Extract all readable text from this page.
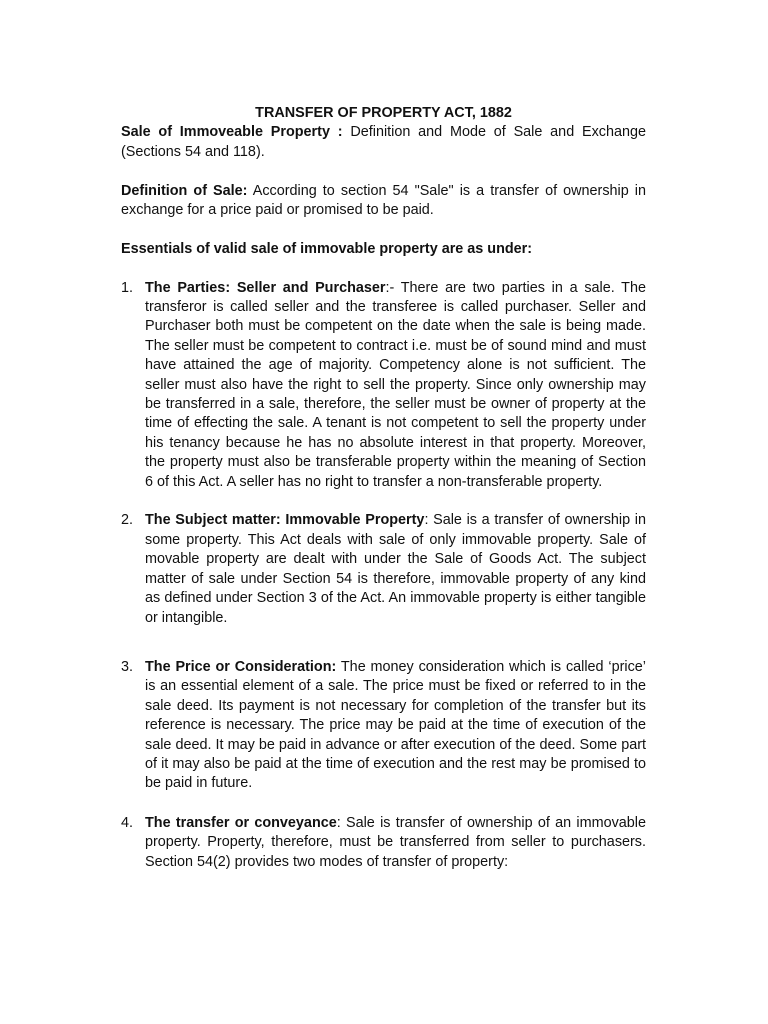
TRANSFER OF PROPERTY ACT, 1882

Sale of Immoveable Property : Definition and Mode of Sale and Exchange (Sections 54 and 118).

Definition of Sale: According to section 54 "Sale" is a transfer of ownership in exchange for a price paid or promised to be paid.

Essentials of valid sale of immovable property are as under:

1. The Parties: Seller and Purchaser:- There are two parties in a sale. The transferor is called seller and the transferee is called purchaser. Seller and Purchaser both must be competent on the date when the sale is being made. The seller must be competent to contract i.e. must be of sound mind and must have attained the age of majority. Competency alone is not sufficient. The seller must also have the right to sell the property. Since only ownership may be transferred in a sale, therefore, the seller must be owner of property at the time of effecting the sale. A tenant is not competent to sell the property under his tenancy because he has no absolute interest in that property. Moreover, the property must also be transferable property within the meaning of Section 6 of this Act. A seller has no right to transfer a non-transferable property.
2. The Subject matter: Immovable Property: Sale is a transfer of ownership in some property. This Act deals with sale of only immovable property. Sale of movable property are dealt with under the Sale of Goods Act. The subject matter of sale under Section 54 is therefore, immovable property of any kind as defined under Section 3 of the Act. An immovable property is either tangible or intangible.
3. The Price or Consideration: The money consideration which is called ‘price’ is an essential element of a sale. The price must be fixed or referred to in the sale deed. Its payment is not necessary for completion of the transfer but its reference is necessary. The price may be paid at the time of execution of the sale deed. It may be paid in advance or after execution of the deed. Some part of it may also be paid at the time of execution and the rest may be promised to be paid in future.
4. The transfer or conveyance: Sale is transfer of ownership of an immovable property. Property, therefore, must be transferred from seller to purchasers. Section 54(2) provides two modes of transfer of property:
